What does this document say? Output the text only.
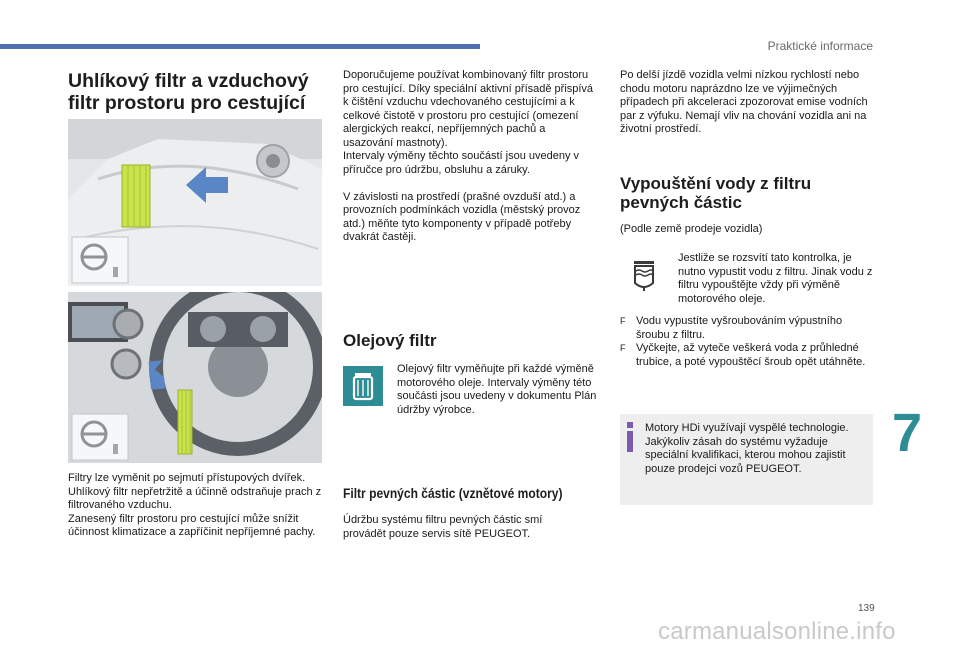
Praktické informace
Uhlíkový filtr a vzduchový filtr prostoru pro cestující

Filtry lze vyměnit po sejmutí přístupových dvířek.

Uhlíkový filtr nepřetržitě a účinně odstraňuje prach z filtrovaného vzduchu.

Zanesený filtr prostoru pro cestující může snížit účinnost klimatizace a zapříčinit nepříjemné pachy.

Doporučujeme používat kombinovaný filtr prostoru pro cestující. Díky speciální aktivní přísadě přispívá k čištění vzduchu vdechovaného cestujícími a k celkové čistotě v prostoru pro cestující (omezení alergických reakcí, nepříjemných pachů a usazování mastnoty).

Intervaly výměny těchto součástí jsou uvedeny v příručce pro údržbu, obsluhu a záruky.

V závislosti na prostředí (prašné ovzduší atd.) a provozních podmínkách vozidla (městský provoz atd.) měňte tyto komponenty v případě potřeby dvakrát častěji.

Olejový filtr
Olejový filtr vyměňujte při každé výměně motorového oleje. Intervaly výměny této součásti jsou uvedeny v dokumentu Plán údržby výrobce.
Filtr pevných částic (vznětové motory)
Údržbu systému filtru pevných částic smí provádět pouze servis sítě PEUGEOT.
Po delší jízdě vozidla velmi nízkou rychlostí nebo chodu motoru naprázdno lze ve výjimečných případech při akceleraci zpozorovat emise vodních par z výfuku. Nemají vliv na chování vozidla ani na životní prostředí.
Vypouštění vody z filtru pevných částic
(Podle země prodeje vozidla)
Jestliže se rozsvítí tato kontrolka, je nutno vypustit vodu z filtru. Jinak vodu z filtru vypouštějte vždy při výměně motorového oleje.
F Vodu vypustíte vyšroubováním výpustního šroubu z filtru.
F Vyčkejte, až vyteče veškerá voda z průhledné trubice, a poté vypouštěcí šroub opět utáhněte.
Motory HDi využívají vyspělé technologie. Jakýkoliv zásah do systému vyžaduje speciální kvalifikaci, kterou mohou zajistit pouze prodejci vozů PEUGEOT.
7
139
carmanualsonline.info
